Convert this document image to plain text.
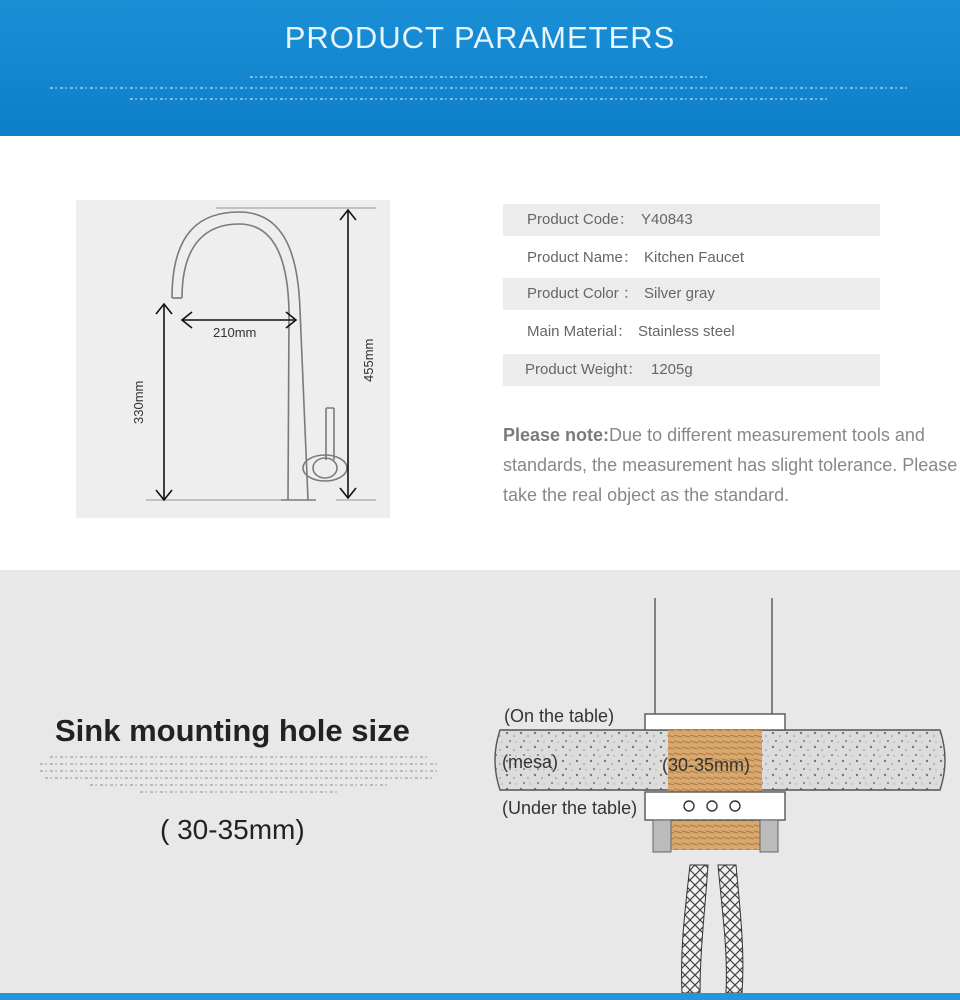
PRODUCT PARAMETERS
210mm
330mm
455mm
Product Code： Y40843
Product Name： Kitchen Faucet
Product Color ： Silver gray
Main Material： Stainless steel
Product Weight： 1205g
Please note:Due to different measurement tools and standards, the measurement has slight tolerance. Please take the real object as the standard.
Sink mounting hole size
( 30-35mm)
(On the table)
(mesa)	(30-35mm)
(Under the table)
